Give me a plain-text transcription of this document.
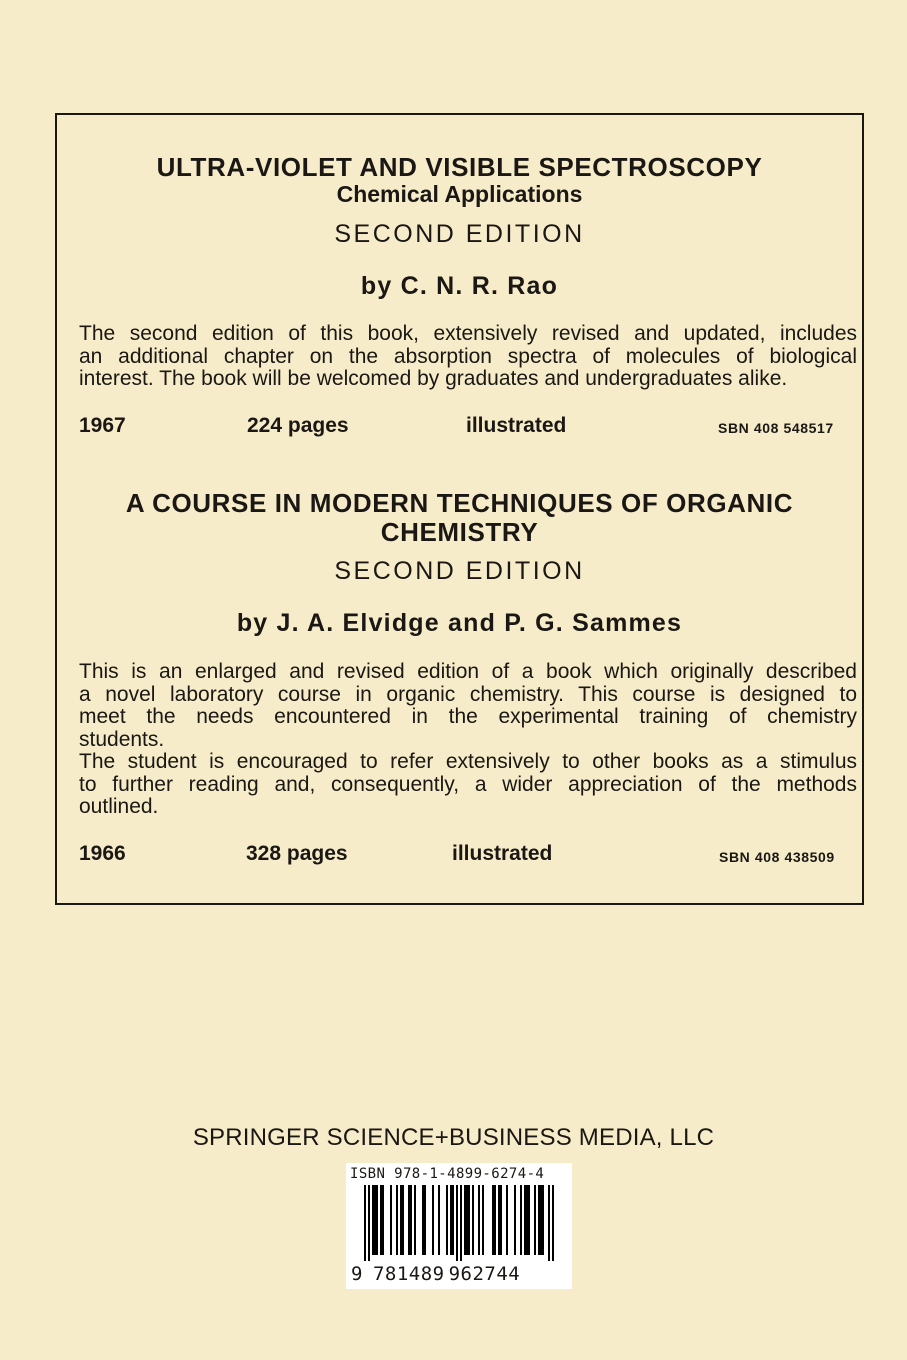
ULTRA-VIOLET AND VISIBLE SPECTROSCOPY
Chemical Applications
SECOND EDITION
by C. N. R. Rao

The second edition of this book, extensively revised and updated, includes

an additional chapter on the absorption spectra of molecules of biological

interest. The book will be welcomed by graduates and undergraduates alike.

1967	224 pages	illustrated	SBN 408 548517
A COURSE IN MODERN TECHNIQUES OF ORGANIC
CHEMISTRY
SECOND EDITION
by J. A. Elvidge and P. G. Sammes

This is an enlarged and revised edition of a book which originally described

a novel laboratory course in organic chemistry. This course is designed to

meet the needs encountered in the experimental training of chemistry

students.

The student is encouraged to refer extensively to other books as a stimulus

to further reading and, consequently, a wider appreciation of the methods

outlined.

1966	328 pages	illustrated	SBN 408 438509
SPRINGER SCIENCE+BUSINESS MEDIA, LLC
ISBN 978-1-4899-6274-4
9 781489 962744
